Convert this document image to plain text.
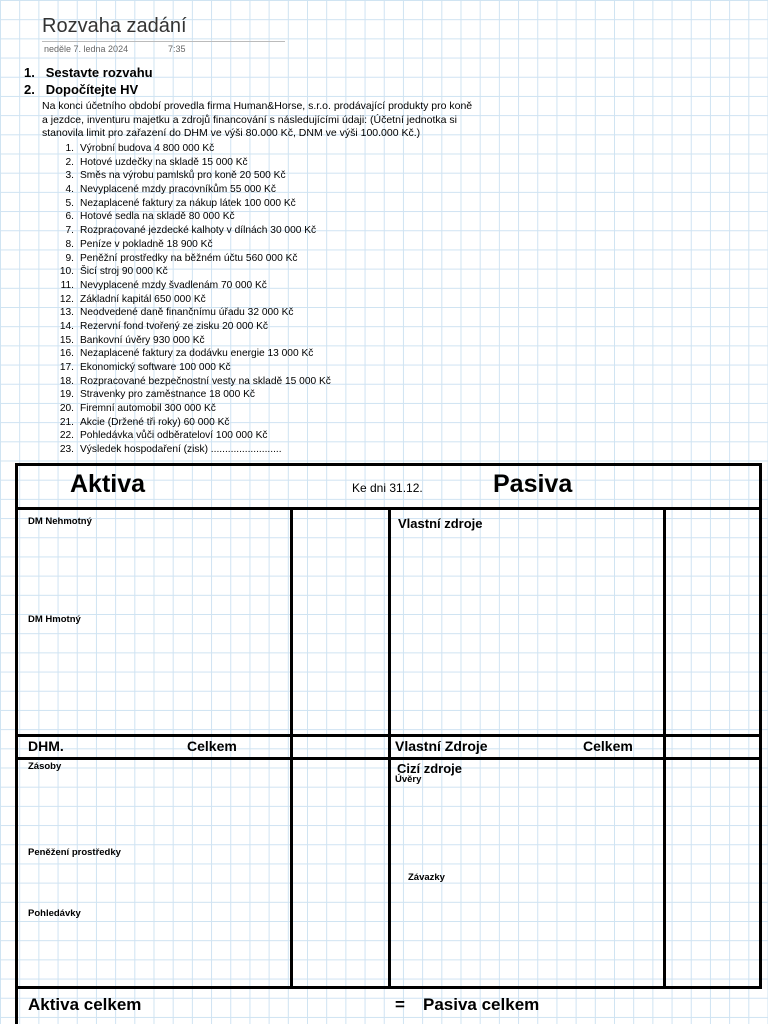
Rozvaha zadání
neděle 7. ledna 2024	7:35
1. Sestavte rozvahu
2. Dopočítejte HV
Na konci účetního období provedla firma Human&Horse, s.r.o. prodávající produkty pro koně
a jezdce, inventuru majetku a zdrojů financování s následujícími údaji: (Účetní jednotka si
stanovila limit pro zařazení do DHM ve výši 80.000 Kč, DNM ve výši 100.000 Kč.)
1. Výrobní budova 4 800 000 Kč
2. Hotové uzdečky na skladě 15 000 Kč
3. Směs na výrobu pamlsků pro koně 20 500 Kč
4. Nevyplacené mzdy pracovníkům 55 000 Kč
5. Nezaplacené faktury za nákup látek 100 000 Kč
6. Hotové sedla na skladě 80 000 Kč
7. Rozpracované jezdecké kalhoty v dílnách 30 000 Kč
8. Peníze v pokladně 18 900 Kč
9. Peněžní prostředky na běžném účtu 560 000 Kč
10. Šicí stroj 90 000 Kč
11. Nevyplacené mzdy švadlenám 70 000 Kč
12. Základní kapitál 650 000 Kč
13. Neodvedené daně finančnímu úřadu 32 000 Kč
14. Rezervní fond tvořený ze zisku 20 000 Kč
15. Bankovní úvěry 930 000 Kč
16. Nezaplacené faktury za dodávku energie 13 000 Kč
17. Ekonomický software 100 000 Kč
18. Rozpracované bezpečnostní vesty na skladě 15 000 Kč
19. Stravenky pro zaměstnance 18 000 Kč
20. Firemní automobil 300 000 Kč
21. Akcie (Držené tři roky) 60 000 Kč
22. Pohledávka vůči odběrateloví 100 000 Kč
23. Výsledek hospodaření (zisk) .........................
Aktiva	Ke dni 31.12.	Pasiva
DM Nehmotný
DM Hmotný
Vlastní zdroje
DHM.	Celkem	Vlastní Zdroje	Celkem
Zásoby	Cizí zdroje
Úvěry
Peněžení prostředky
Závazky
Pohledávky
Aktiva celkem	= Pasiva celkem
